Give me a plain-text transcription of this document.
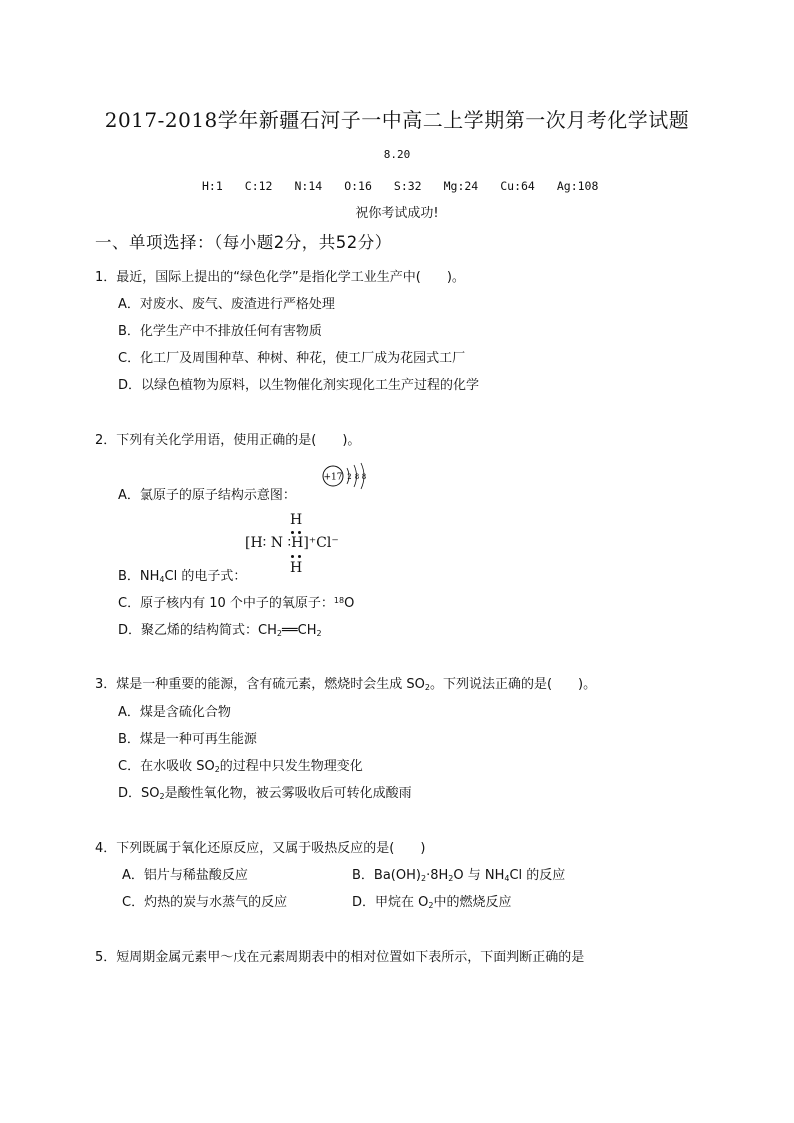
2017-2018学年新疆石河子一中高二上学期第一次月考化学试题
8.20
H:1 C:12 N:14 O:16 S:32 Mg:24 Cu:64 Ag:108
祝你考试成功!
一、单项选择：（每小题2分，共52分）
1．最近，国际上提出的“绿色化学”是指化学工业生产中(　　)。
A．对废水、废气、废渣进行严格处理
B．化学生产中不排放任何有害物质
C．化工厂及周围种草、种树、种花，使工厂成为花园式工厂
D．以绿色植物为原料，以生物催化剂实现化工生产过程的化学
2．下列有关化学用语，使用正确的是(　　)。
A．氯原子的原子结构示意图：
+17 2 8 8
H
[H∶ N ∶H]⁺Cl⁻
H
B．$NH_4Cl$ 的电子式：
C．原子核内有 10 个中子的氧原子：$^{18}$O
D．聚乙烯的结构简式：$CH_2══CH_2$
3．煤是一种重要的能源，含有硫元素，燃烧时会生成 $SO_2$。下列说法正确的是(　　)。
A．煤是含硫化合物
B．煤是一种可再生能源
C．在水吸收 $SO_2$的过程中只发生物理变化
D．$SO_2$是酸性氧化物，被云雾吸收后可转化成酸雨
4．下列既属于氧化还原反应，又属于吸热反应的是(　　)
A．铝片与稀盐酸反应	B．$Ba(OH)_2\cdot 8H_2O$ 与 $NH_4Cl$ 的反应
C．灼热的炭与水蒸气的反应	D．甲烷在 $O_2$中的燃烧反应
5．短周期金属元素甲～戊在元素周期表中的相对位置如下表所示，下面判断正确的是
